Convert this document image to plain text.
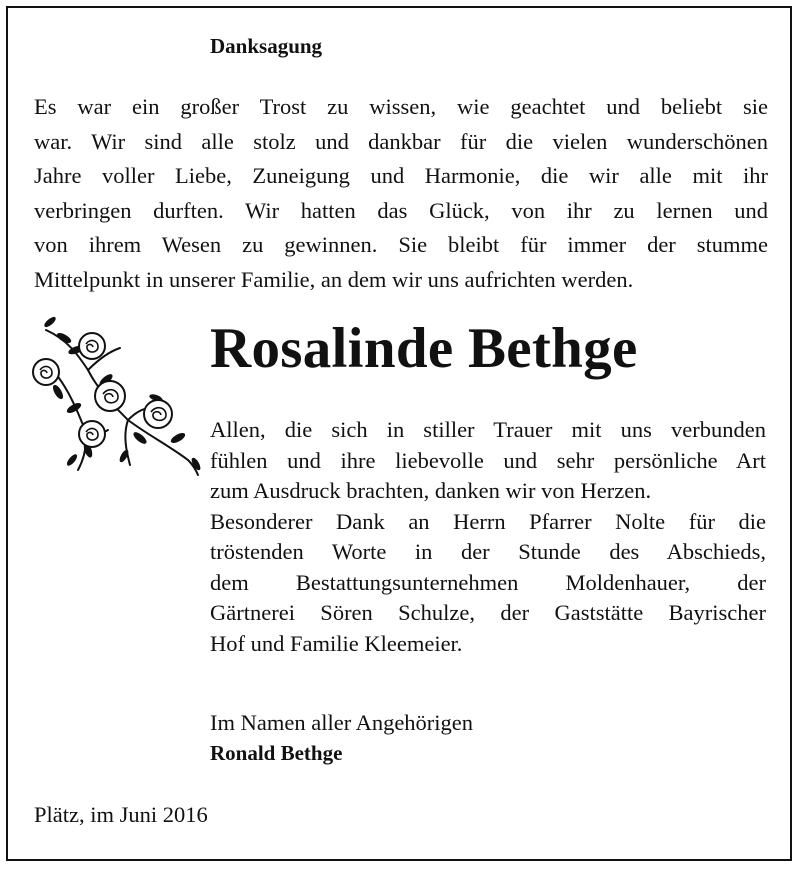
Danksagung
Es war ein großer Trost zu wissen, wie geachtet und beliebt sie
war. Wir sind alle stolz und dankbar für die vielen wunderschönen
Jahre voller Liebe, Zuneigung und Harmonie, die wir alle mit ihr
verbringen durften. Wir hatten das Glück, von ihr zu lernen und
von ihrem Wesen zu gewinnen. Sie bleibt für immer der stumme
Mittelpunkt in unserer Familie, an dem wir uns aufrichten werden.
Rosalinde Bethge
Allen, die sich in stiller Trauer mit uns verbunden
fühlen und ihre liebevolle und sehr persönliche Art
zum Ausdruck brachten, danken wir von Herzen.
Besonderer Dank an Herrn Pfarrer Nolte für die
tröstenden Worte in der Stunde des Abschieds,
dem Bestattungsunternehmen Moldenhauer, der
Gärtnerei Sören Schulze, der Gaststätte Bayrischer
Hof und Familie Kleemeier.
Im Namen aller Angehörigen
Ronald Bethge
Plätz, im Juni 2016
